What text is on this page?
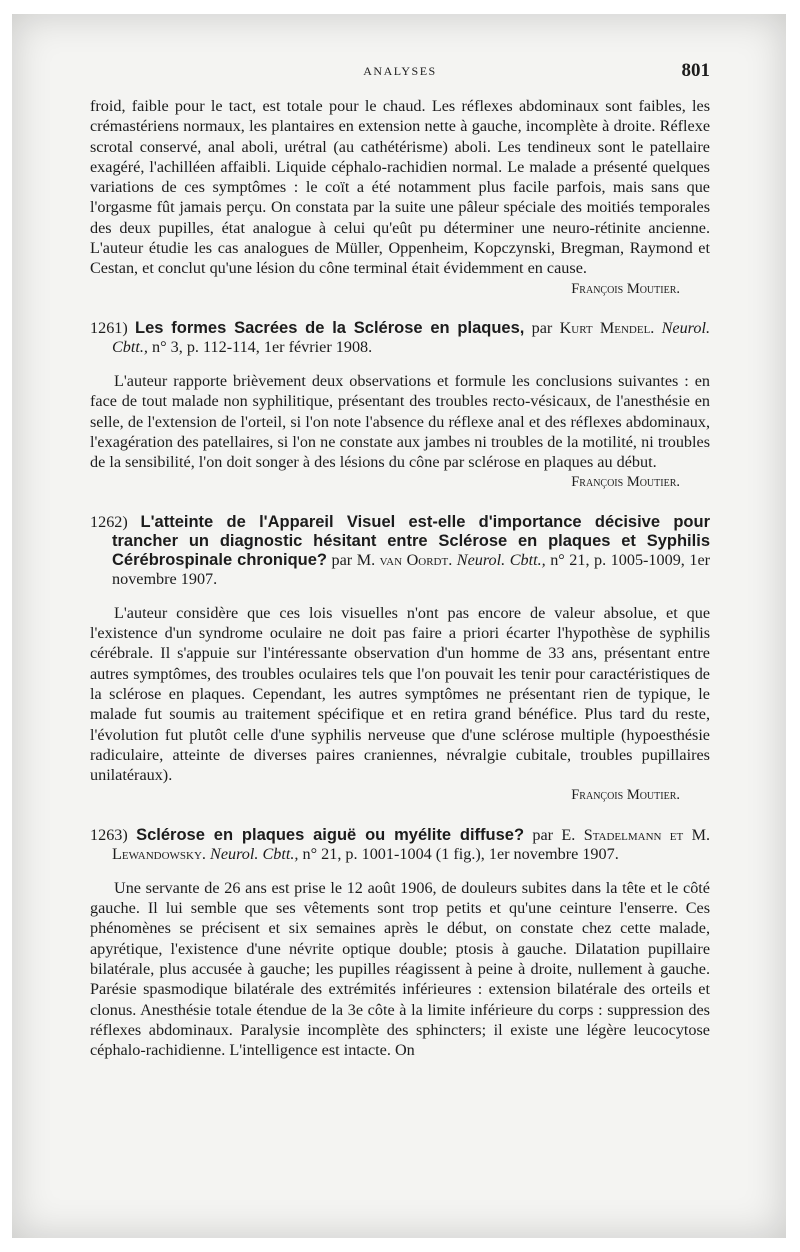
ANALYSES	801

froid, faible pour le tact, est totale pour le chaud. Les réflexes abdominaux sont faibles, les crémastériens normaux, les plantaires en extension nette à gauche, incomplète à droite. Réflexe scrotal conservé, anal aboli, urétral (au cathétérisme) aboli. Les tendineux sont le patellaire exagéré, l'achilléen affaibli. Liquide céphalo-rachidien normal. Le malade a présenté quelques variations de ces symptômes : le coït a été notamment plus facile parfois, mais sans que l'orgasme fût jamais perçu. On constata par la suite une pâleur spéciale des moitiés temporales des deux pupilles, état analogue à celui qu'eût pu déterminer une neuro-rétinite ancienne. L'auteur étudie les cas analogues de Müller, Oppenheim, Kopczynski, Bregman, Raymond et Cestan, et conclut qu'une lésion du cône terminal était évidemment en cause.
François Moutier.

1261) Les formes Sacrées de la Sclérose en plaques, par Kurt Mendel. Neurol. Cbtt., n° 3, p. 112-114, 1er février 1908.

L'auteur rapporte brièvement deux observations et formule les conclusions suivantes : en face de tout malade non syphilitique, présentant des troubles recto-vésicaux, de l'anesthésie en selle, de l'extension de l'orteil, si l'on note l'absence du réflexe anal et des réflexes abdominaux, l'exagération des patellaires, si l'on ne constate aux jambes ni troubles de la motilité, ni troubles de la sensibilité, l'on doit songer à des lésions du cône par sclérose en plaques au début.

François Moutier.

1262) L'atteinte de l'Appareil Visuel est-elle d'importance décisive pour trancher un diagnostic hésitant entre Sclérose en plaques et Syphilis Cérébrospinale chronique? par M. van Oordt. Neurol. Cbtt., n° 21, p. 1005-1009, 1er novembre 1907.

L'auteur considère que ces lois visuelles n'ont pas encore de valeur absolue, et que l'existence d'un syndrome oculaire ne doit pas faire a priori écarter l'hypothèse de syphilis cérébrale. Il s'appuie sur l'intéressante observation d'un homme de 33 ans, présentant entre autres symptômes, des troubles oculaires tels que l'on pouvait les tenir pour caractéristiques de la sclérose en plaques. Cependant, les autres symptômes ne présentant rien de typique, le malade fut soumis au traitement spécifique et en retira grand bénéfice. Plus tard du reste, l'évolution fut plutôt celle d'une syphilis nerveuse que d'une sclérose multiple (hypoesthésie radiculaire, atteinte de diverses paires craniennes, névralgie cubitale, troubles pupillaires unilatéraux).

François Moutier.

1263) Sclérose en plaques aiguë ou myélite diffuse? par E. Stadelmann et M. Lewandowsky. Neurol. Cbtt., n° 21, p. 1001-1004 (1 fig.), 1er novembre 1907.

Une servante de 26 ans est prise le 12 août 1906, de douleurs subites dans la tête et le côté gauche. Il lui semble que ses vêtements sont trop petits et qu'une ceinture l'enserre. Ces phénomènes se précisent et six semaines après le début, on constate chez cette malade, apyrétique, l'existence d'une névrite optique double; ptosis à gauche. Dilatation pupillaire bilatérale, plus accusée à gauche; les pupilles réagissent à peine à droite, nullement à gauche. Parésie spasmodique bilatérale des extrémités inférieures : extension bilatérale des orteils et clonus. Anesthésie totale étendue de la 3e côte à la limite inférieure du corps : suppression des réflexes abdominaux. Paralysie incomplète des sphincters; il existe une légère leucocytose céphalo-rachidienne. L'intelligence est intacte. On
